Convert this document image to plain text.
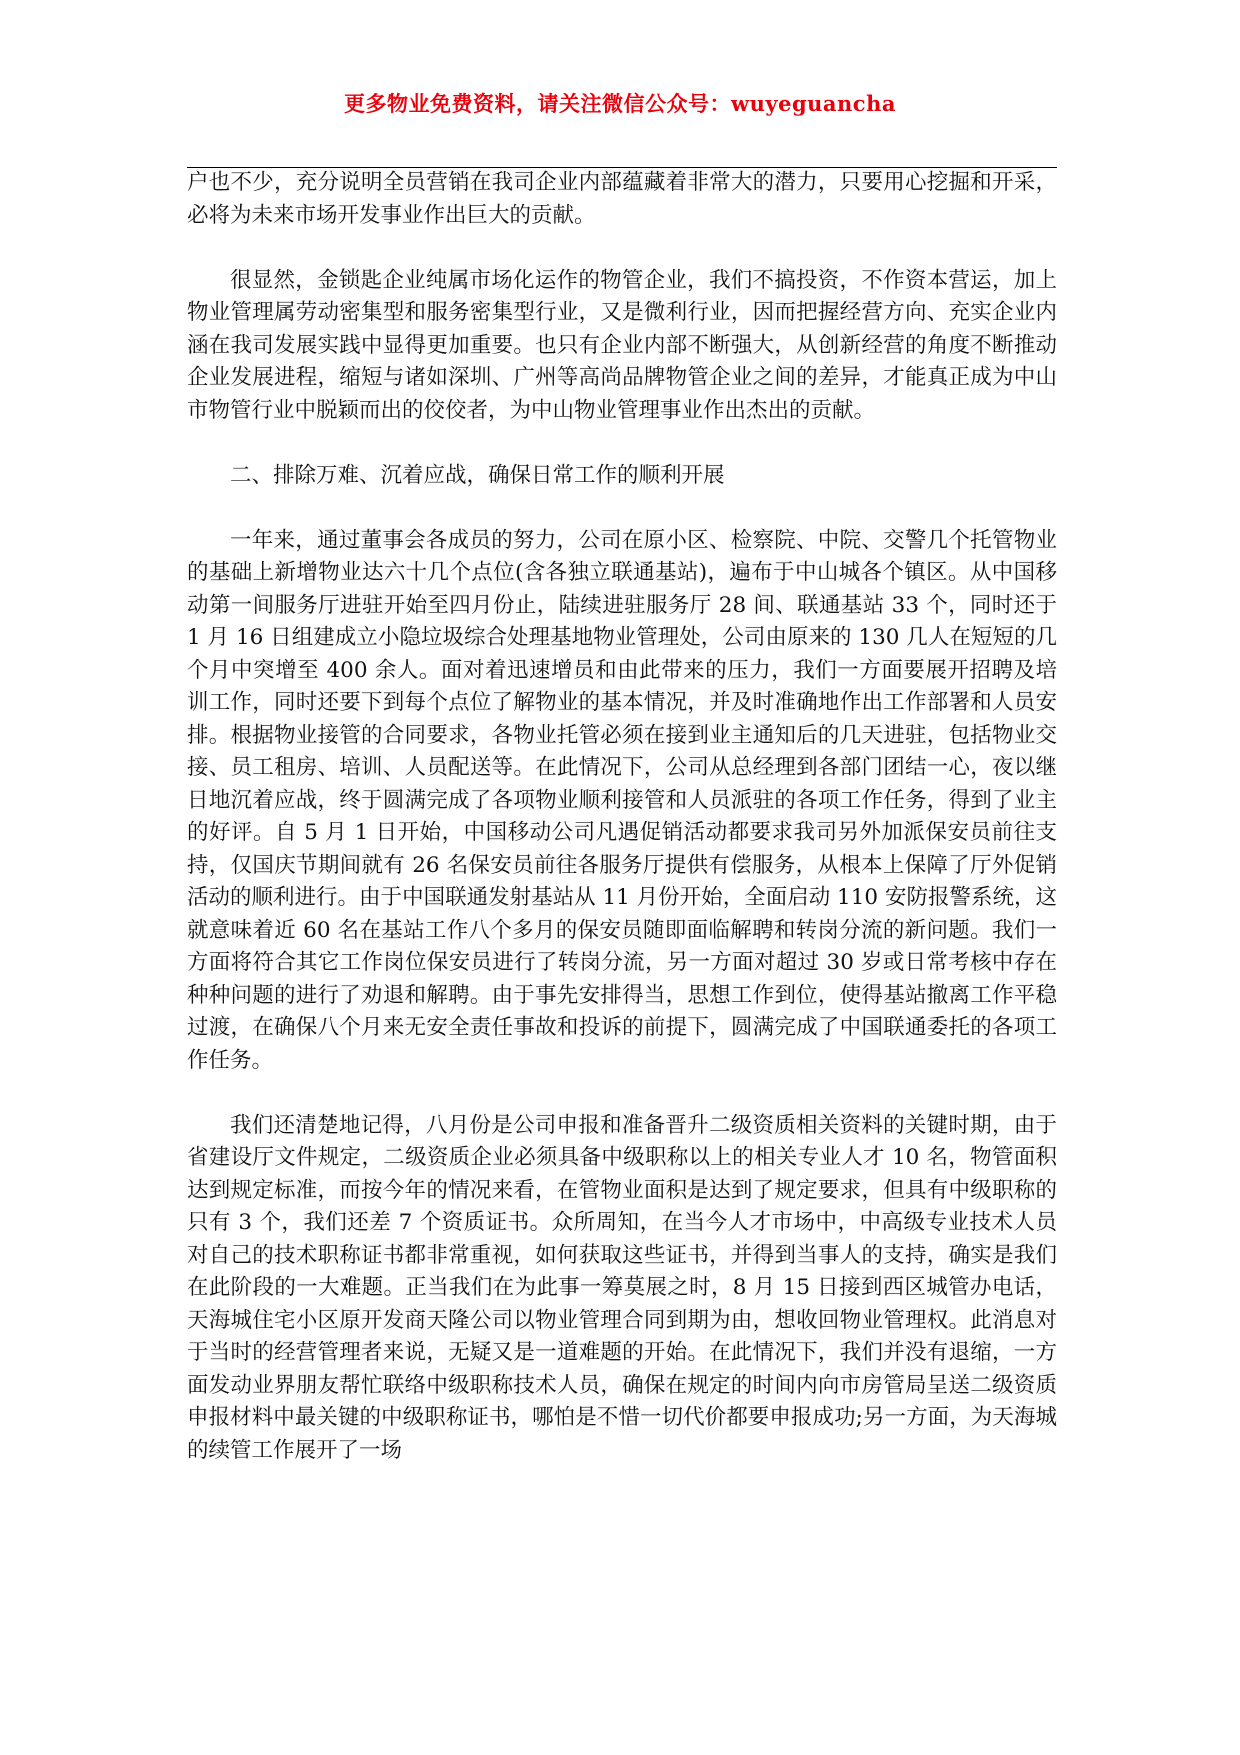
更多物业免费资料，请关注微信公众号：wuyeguancha

户也不少，充分说明全员营销在我司企业内部蕴藏着非常大的潜力，只要用心挖掘和开采，必将为未来市场开发事业作出巨大的贡献。

很显然，金锁匙企业纯属市场化运作的物管企业，我们不搞投资，不作资本营运，加上物业管理属劳动密集型和服务密集型行业，又是微利行业，因而把握经营方向、充实企业内涵在我司发展实践中显得更加重要。也只有企业内部不断强大，从创新经营的角度不断推动企业发展进程，缩短与诸如深圳、广州等高尚品牌物管企业之间的差异，才能真正成为中山市物管行业中脱颖而出的佼佼者，为中山物业管理事业作出杰出的贡献。

二、排除万难、沉着应战，确保日常工作的顺利开展

一年来，通过董事会各成员的努力，公司在原小区、检察院、中院、交警几个托管物业的基础上新增物业达六十几个点位(含各独立联通基站)，遍布于中山城各个镇区。从中国移动第一间服务厅进驻开始至四月份止，陆续进驻服务厅 28 间、联通基站 33 个，同时还于 1 月 16 日组建成立小隐垃圾综合处理基地物业管理处，公司由原来的 130 几人在短短的几个月中突增至 400 余人。面对着迅速增员和由此带来的压力，我们一方面要展开招聘及培训工作，同时还要下到每个点位了解物业的基本情况，并及时准确地作出工作部署和人员安排。根据物业接管的合同要求，各物业托管必须在接到业主通知后的几天进驻，包括物业交接、员工租房、培训、人员配送等。在此情况下，公司从总经理到各部门团结一心，夜以继日地沉着应战，终于圆满完成了各项物业顺利接管和人员派驻的各项工作任务，得到了业主的好评。自 5 月 1 日开始，中国移动公司凡遇促销活动都要求我司另外加派保安员前往支持，仅国庆节期间就有 26 名保安员前往各服务厅提供有偿服务，从根本上保障了厅外促销活动的顺利进行。由于中国联通发射基站从 11 月份开始，全面启动 110 安防报警系统，这就意味着近 60 名在基站工作八个多月的保安员随即面临解聘和转岗分流的新问题。我们一方面将符合其它工作岗位保安员进行了转岗分流，另一方面对超过 30 岁或日常考核中存在种种问题的进行了劝退和解聘。由于事先安排得当，思想工作到位，使得基站撤离工作平稳过渡，在确保八个月来无安全责任事故和投诉的前提下，圆满完成了中国联通委托的各项工作任务。

我们还清楚地记得，八月份是公司申报和准备晋升二级资质相关资料的关键时期，由于省建设厅文件规定，二级资质企业必须具备中级职称以上的相关专业人才 10 名，物管面积达到规定标准，而按今年的情况来看，在管物业面积是达到了规定要求，但具有中级职称的只有 3 个，我们还差 7 个资质证书。众所周知，在当今人才市场中，中高级专业技术人员对自己的技术职称证书都非常重视，如何获取这些证书，并得到当事人的支持，确实是我们在此阶段的一大难题。正当我们在为此事一筹莫展之时，8 月 15 日接到西区城管办电话，天海城住宅小区原开发商天隆公司以物业管理合同到期为由，想收回物业管理权。此消息对于当时的经营管理者来说，无疑又是一道难题的开始。在此情况下，我们并没有退缩，一方面发动业界朋友帮忙联络中级职称技术人员，确保在规定的时间内向市房管局呈送二级资质申报材料中最关键的中级职称证书，哪怕是不惜一切代价都要申报成功;另一方面，为天海城的续管工作展开了一场
